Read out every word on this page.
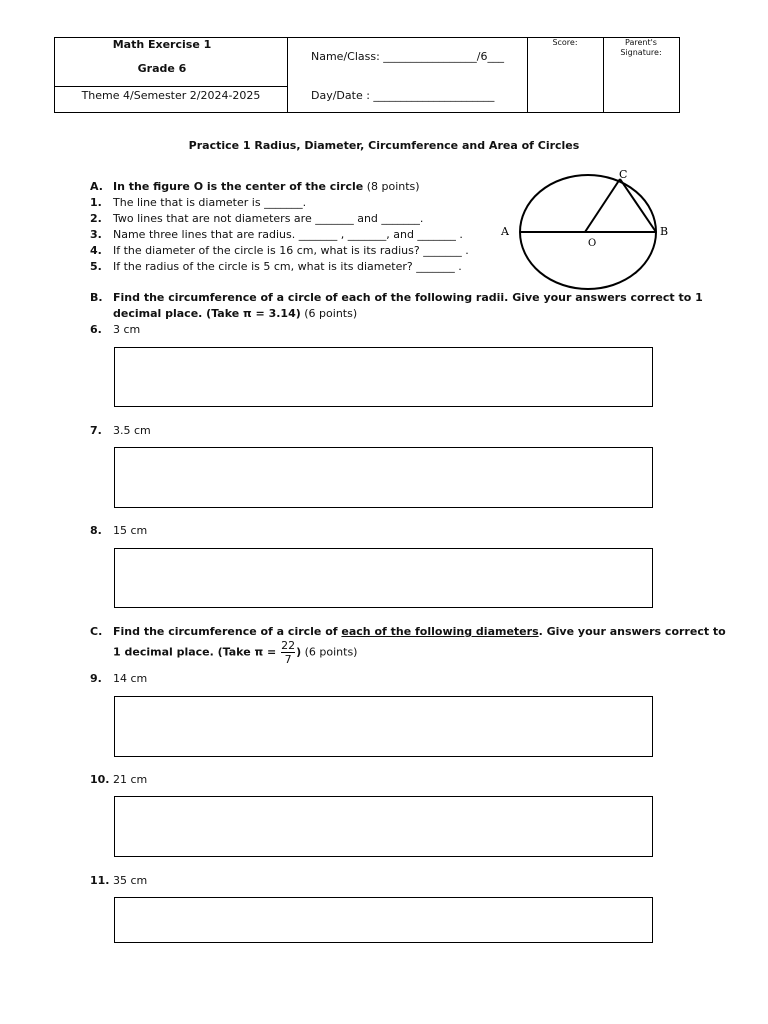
Math Exercise 1
Grade 6
Theme 4/Semester 2/2024-2025
Name/Class: _________________/6___
Day/Date : ______________________
Score:	Parent's
Signature:
Practice 1 Radius, Diameter, Circumference and Area of Circles
A. In the figure O is the center of the circle (8 points)
1.	The line that is diameter is _______.
2.	Two lines that are not diameters are _______ and _______.
3.	Name three lines that are radius. _______ , _______, and _______ .
4.	If the diameter of the circle is 16 cm, what is its radius? _______ .
5.	If the radius of the circle is 5 cm, what is its diameter? _______ .
A	B
C
O
B. Find the circumference of a circle of each of the following radii. Give your answers correct to 1
decimal place. (Take π = 3.14) (6 points)
6.	3 cm
7.	3.5 cm
8.	15 cm
C. Find the circumference of a circle of each of the following diameters. Give your answers correct to
1 decimal place. (Take $\pi = \frac{22}{7}$ ) (6 points)
9.	14 cm
10. 21 cm
11. 35 cm
